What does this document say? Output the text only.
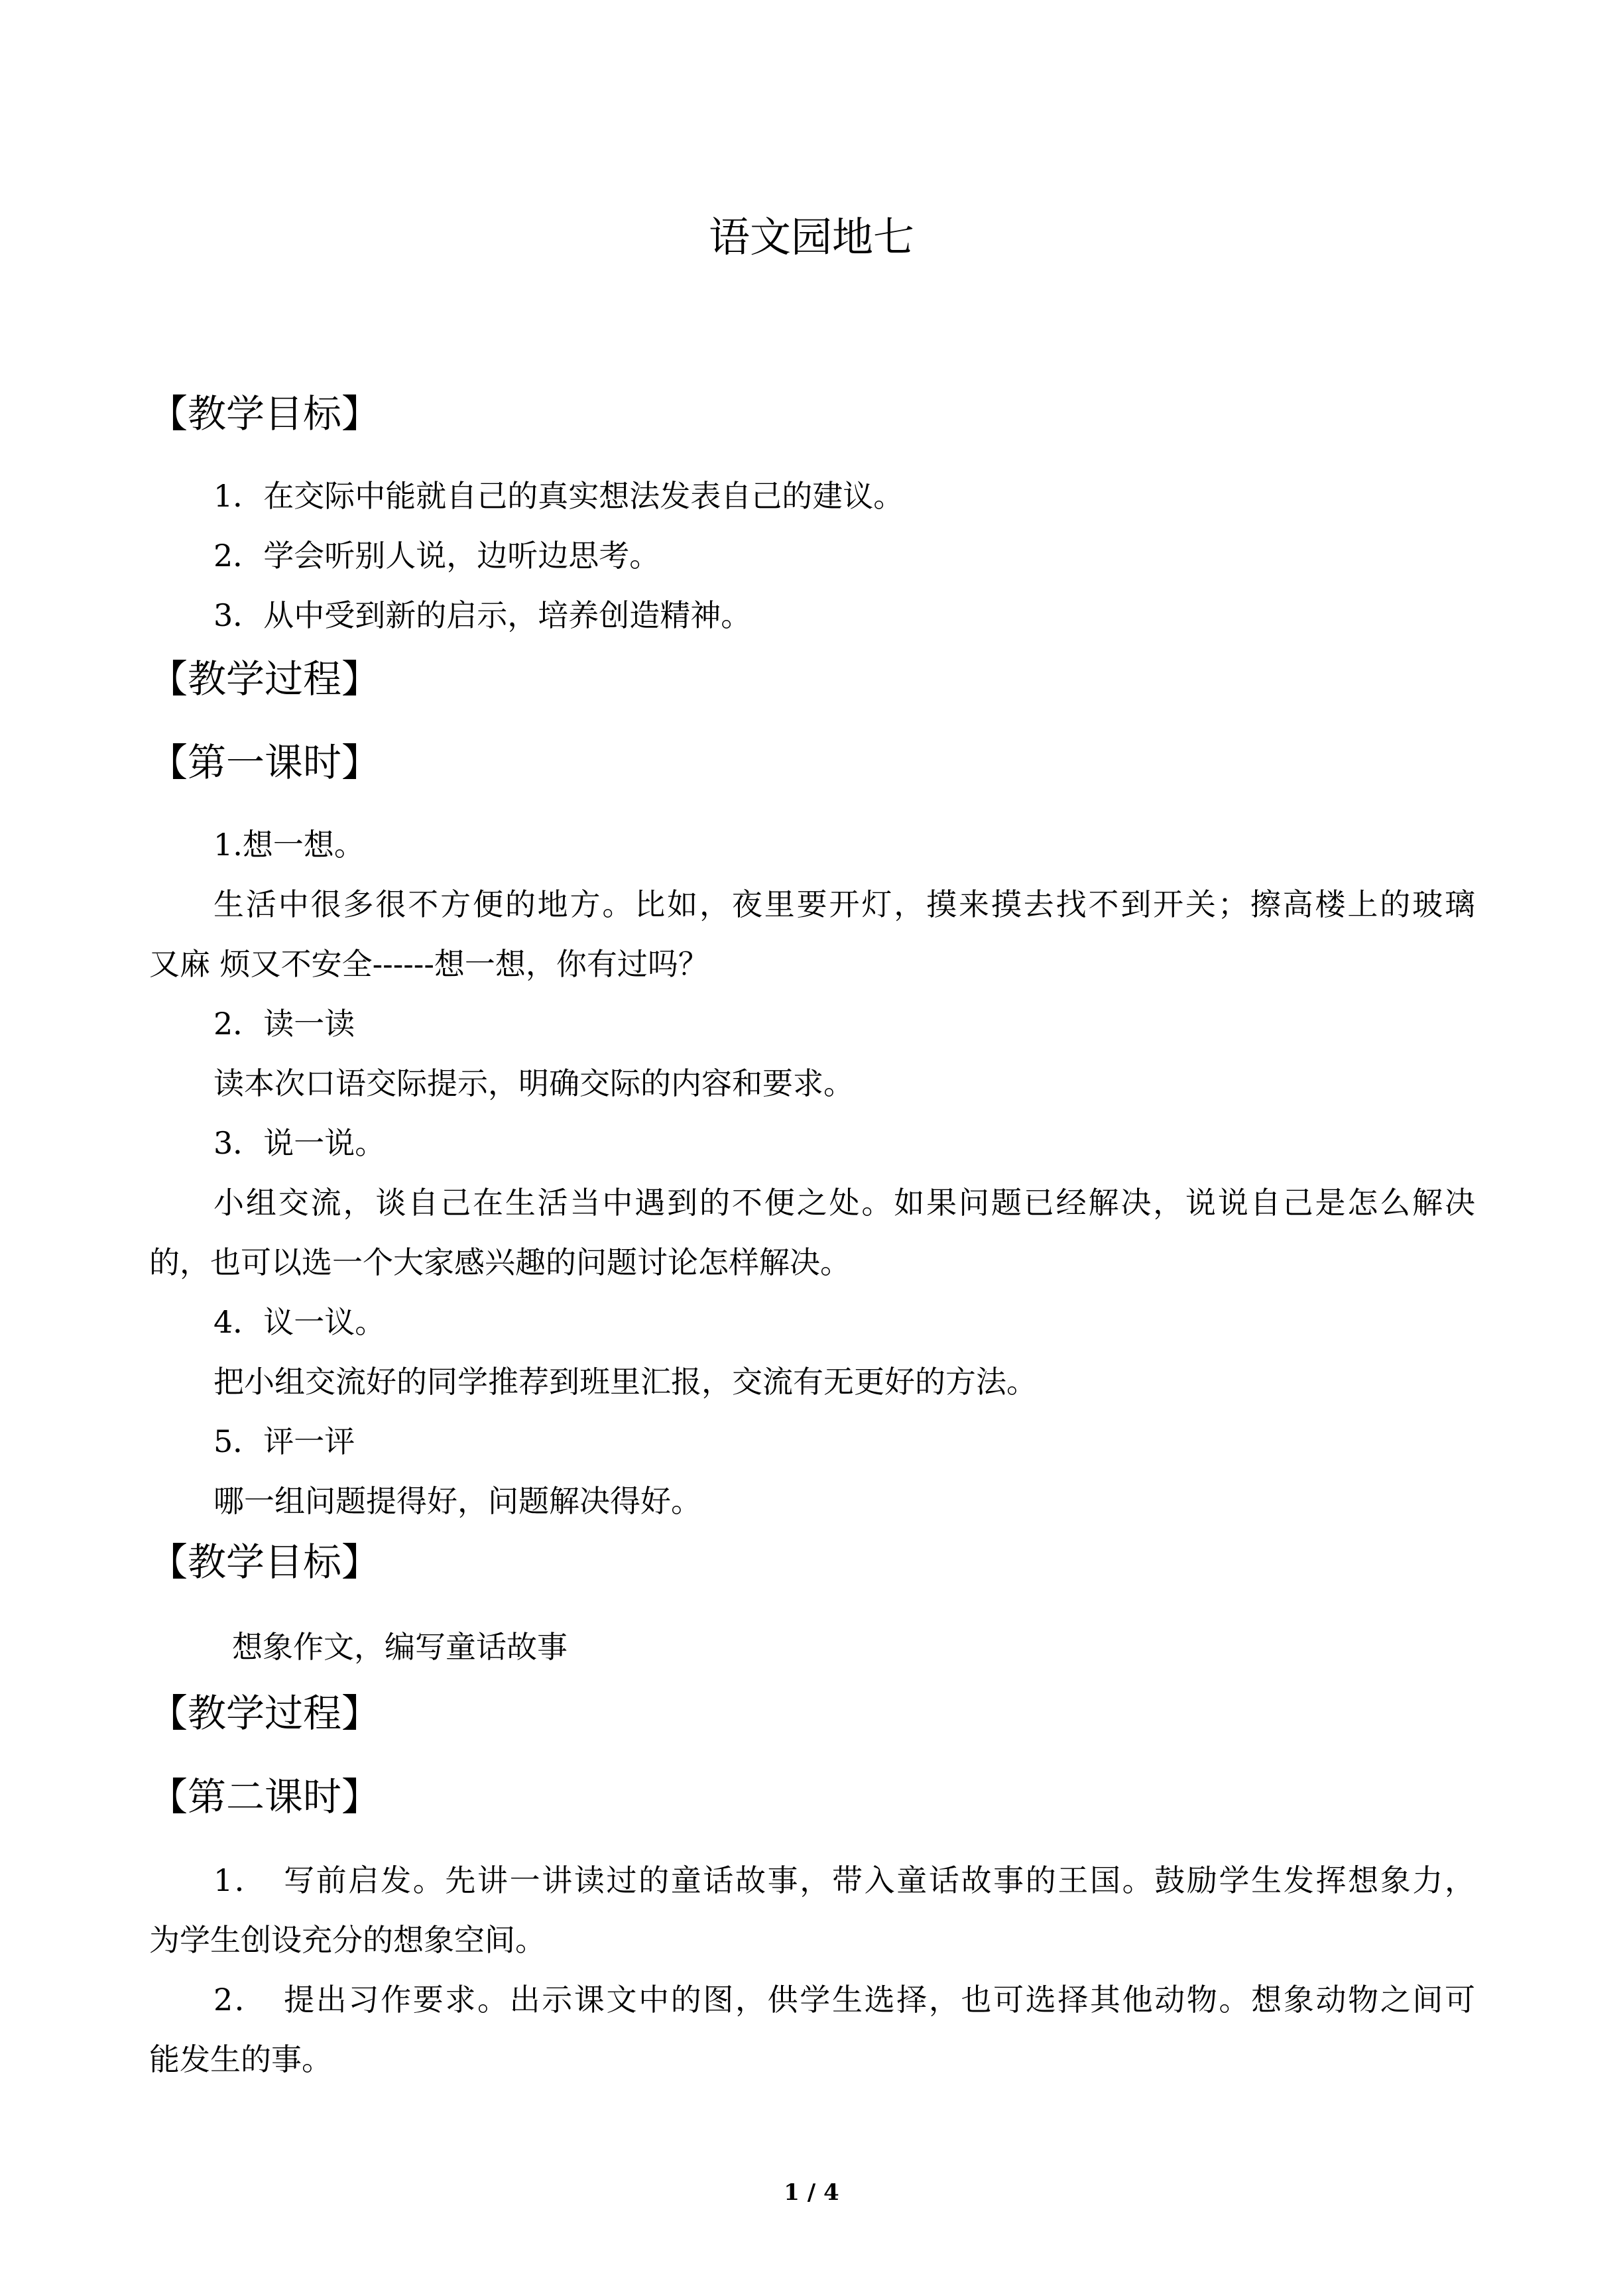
语文园地七
【教学目标】
1．在交际中能就自己的真实想法发表自己的建议。
2．学会听别人说，边听边思考。
3．从中受到新的启示，培养创造精神。
【教学过程】
【第一课时】
1.想一想。
生活中很多很不方便的地方。比如，夜里要开灯，摸来摸去找不到开关；擦高楼上的玻璃
又麻 烦又不安全------想一想，你有过吗？
2．读一读
读本次口语交际提示，明确交际的内容和要求。
3．说一说。
小组交流，谈自己在生活当中遇到的不便之处。如果问题已经解决，说说自己是怎么解决
的，也可以选一个大家感兴趣的问题讨论怎样解决。
4．议一议。
把小组交流好的同学推荐到班里汇报，交流有无更好的方法。
5．评一评
哪一组问题提得好，问题解决得好。
【教学目标】
想象作文，编写童话故事
【教学过程】
【第二课时】
1．　写前启发。先讲一讲读过的童话故事，带入童话故事的王国。鼓励学生发挥想象力，
为学生创设充分的想象空间。
2．　提出习作要求。出示课文中的图，供学生选择，也可选择其他动物。想象动物之间可
能发生的事。
1 / 4
